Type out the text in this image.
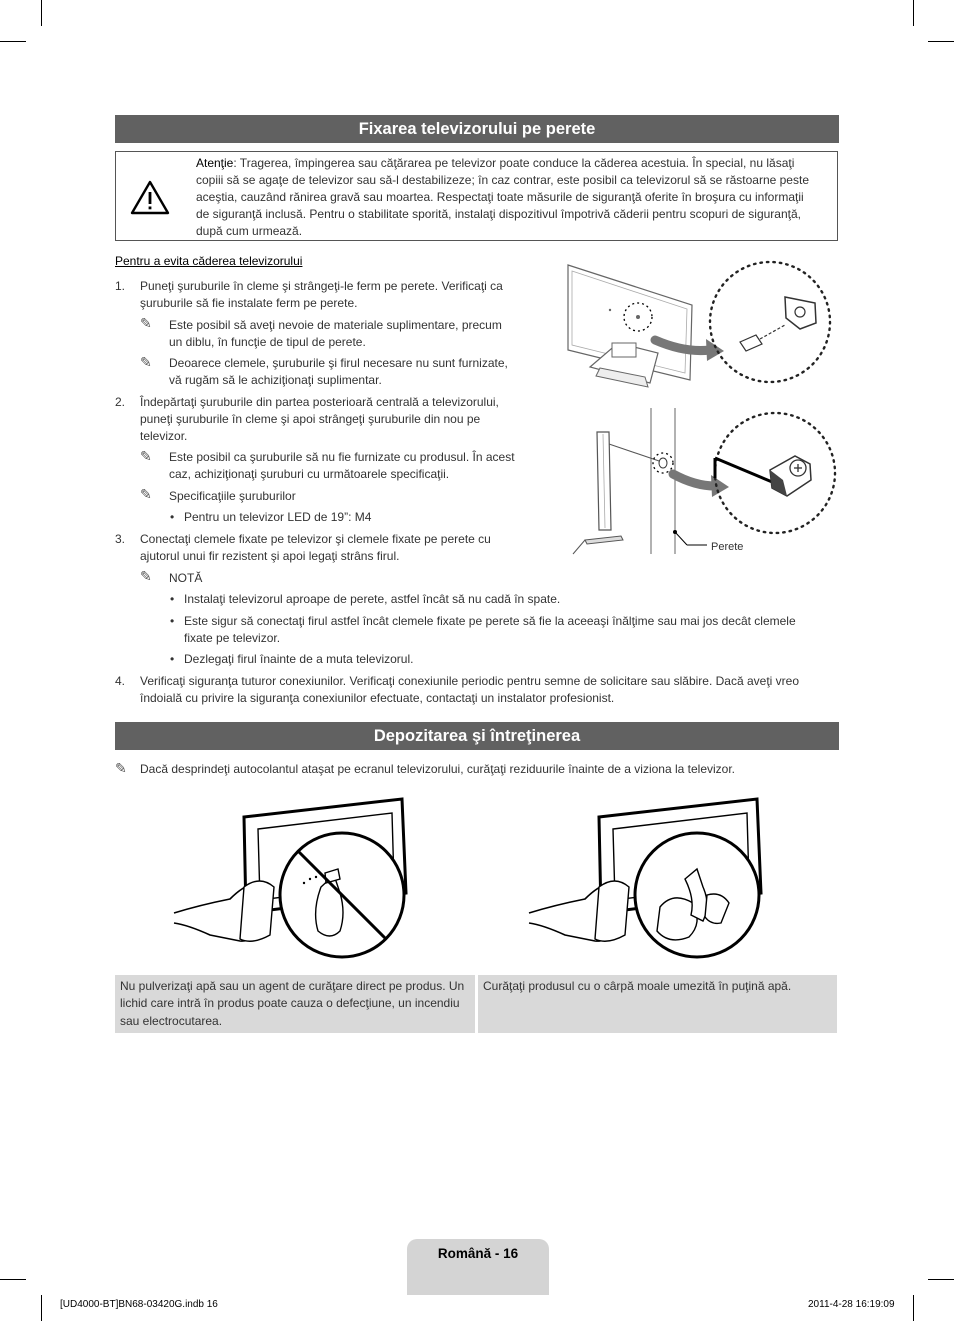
Fixarea televizorului pe perete
Atenţie: Tragerea, împingerea sau căţărarea pe televizor poate conduce la căderea acestuia. În special, nu lăsaţi copiii să se agaţe de televizor sau să-l destabilizeze; în caz contrar, este posibil ca televizorul să se răstoarne peste aceştia, cauzând rănirea gravă sau moartea. Respectaţi toate măsurile de siguranţă oferite în broşura cu informaţii de siguranţă inclusă. Pentru o stabilitate sporită, instalaţi dispozitivul împotrivă căderii pentru scopuri de siguranţă, după cum urmează.
Pentru a evita căderea televizorului
1.	Puneţi şuruburile în cleme şi strângeţi-le ferm pe perete. Verificaţi ca şuruburile să fie instalate ferm pe perete.
✎	Este posibil să aveţi nevoie de materiale suplimentare, precum un diblu, în funcţie de tipul de perete.
✎	Deoarece clemele, şuruburile şi firul necesare nu sunt furnizate, vă rugăm să le achiziţionaţi suplimentar.
2.	Îndepărtaţi şuruburile din partea posterioară centrală a televizorului, puneţi şuruburile în cleme şi apoi strângeţi şuruburile din nou pe televizor.
✎	Este posibil ca şuruburile să nu fie furnizate cu produsul. În acest caz, achiziţionaţi şuruburi cu următoarele specificaţii.
✎	Specificaţiile şuruburilor
• Pentru un televizor LED de 19”: M4
3.	Conectaţi clemele fixate pe televizor şi clemele fixate pe perete cu ajutorul unui fir rezistent şi apoi legaţi strâns firul.
✎	NOTĂ
• Instalaţi televizorul aproape de perete, astfel încât să nu cadă în spate.
• Este sigur să conectaţi firul astfel încât clemele fixate pe perete să fie la aceeaşi înălţime sau mai jos decât clemele fixate pe televizor.
• Dezlegaţi firul înainte de a muta televizorul.
4.	Verificaţi siguranţa tuturor conexiunilor. Verificaţi conexiunile periodic pentru semne de solicitare sau slăbire. Dacă aveţi vreo îndoială cu privire la siguranţa conexiunilor efectuate, contactaţi un instalator profesionist.
Perete
Depozitarea şi întreţinerea
✎	Dacă desprindeţi autocolantul ataşat pe ecranul televizorului, curăţaţi reziduurile înainte de a viziona la televizor.
Nu pulverizaţi apă sau un agent de curăţare direct pe produs. Un lichid care intră în produs poate cauza o defecţiune, un incendiu sau electrocutarea.
Curăţaţi produsul cu o cârpă moale umezită în puţină apă.
Română - 16
[UD4000-BT]BN68-03420G.indb 16	2011-4-28 16:19:09
